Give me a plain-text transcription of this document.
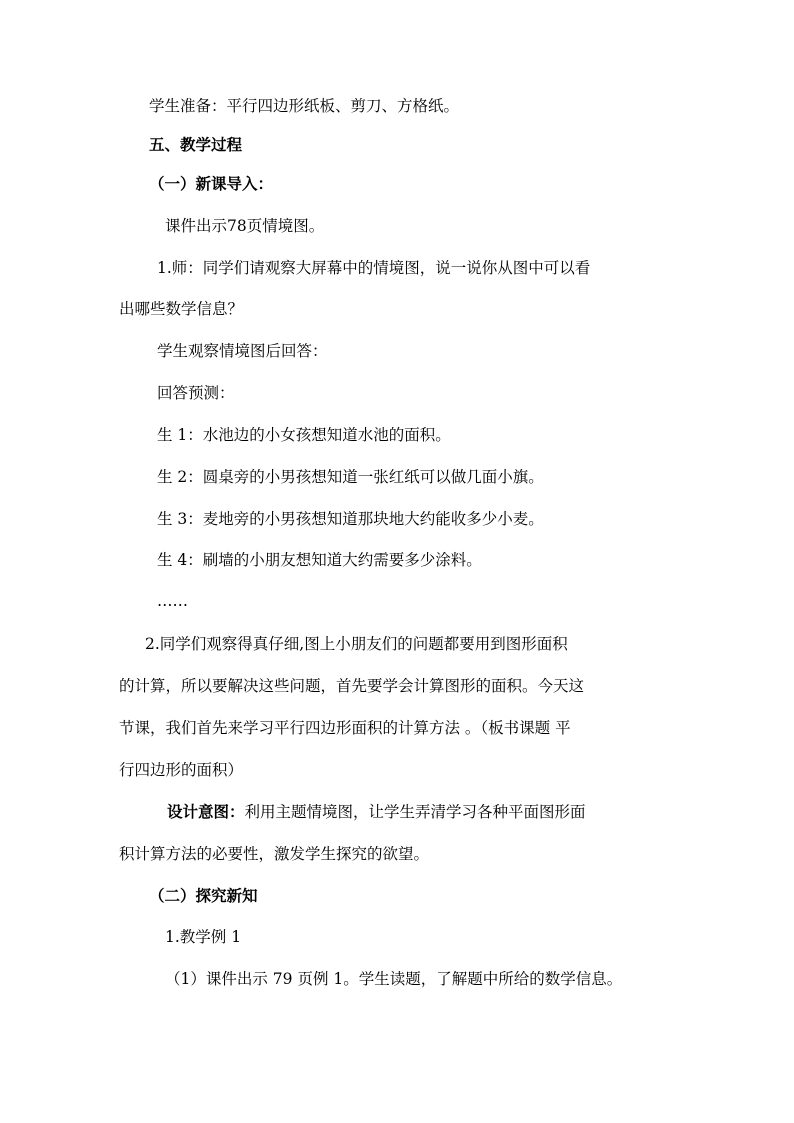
学生准备：平行四边形纸板、剪刀、方格纸。
五、教学过程
（一）新课导入：
课件出示78页情境图。
1.师：同学们请观察大屏幕中的情境图，说一说你从图中可以看
出哪些数学信息？
学生观察情境图后回答：
回答预测：
生 1：水池边的小女孩想知道水池的面积。
生 2：圆桌旁的小男孩想知道一张红纸可以做几面小旗。
生 3：麦地旁的小男孩想知道那块地大约能收多少小麦。
生 4：刷墙的小朋友想知道大约需要多少涂料。
……
2.同学们观察得真仔细,图上小朋友们的问题都要用到图形面积
的计算，所以要解决这些问题，首先要学会计算图形的面积。今天这
节课，我们首先来学习平行四边形面积的计算方法 。（板书课题 平
行四边形的面积）
设计意图：利用主题情境图，让学生弄清学习各种平面图形面
积计算方法的必要性，激发学生探究的欲望。
（二）探究新知
1.教学例 1
（1）课件出示 79 页例 1。学生读题，了解题中所给的数学信息。
